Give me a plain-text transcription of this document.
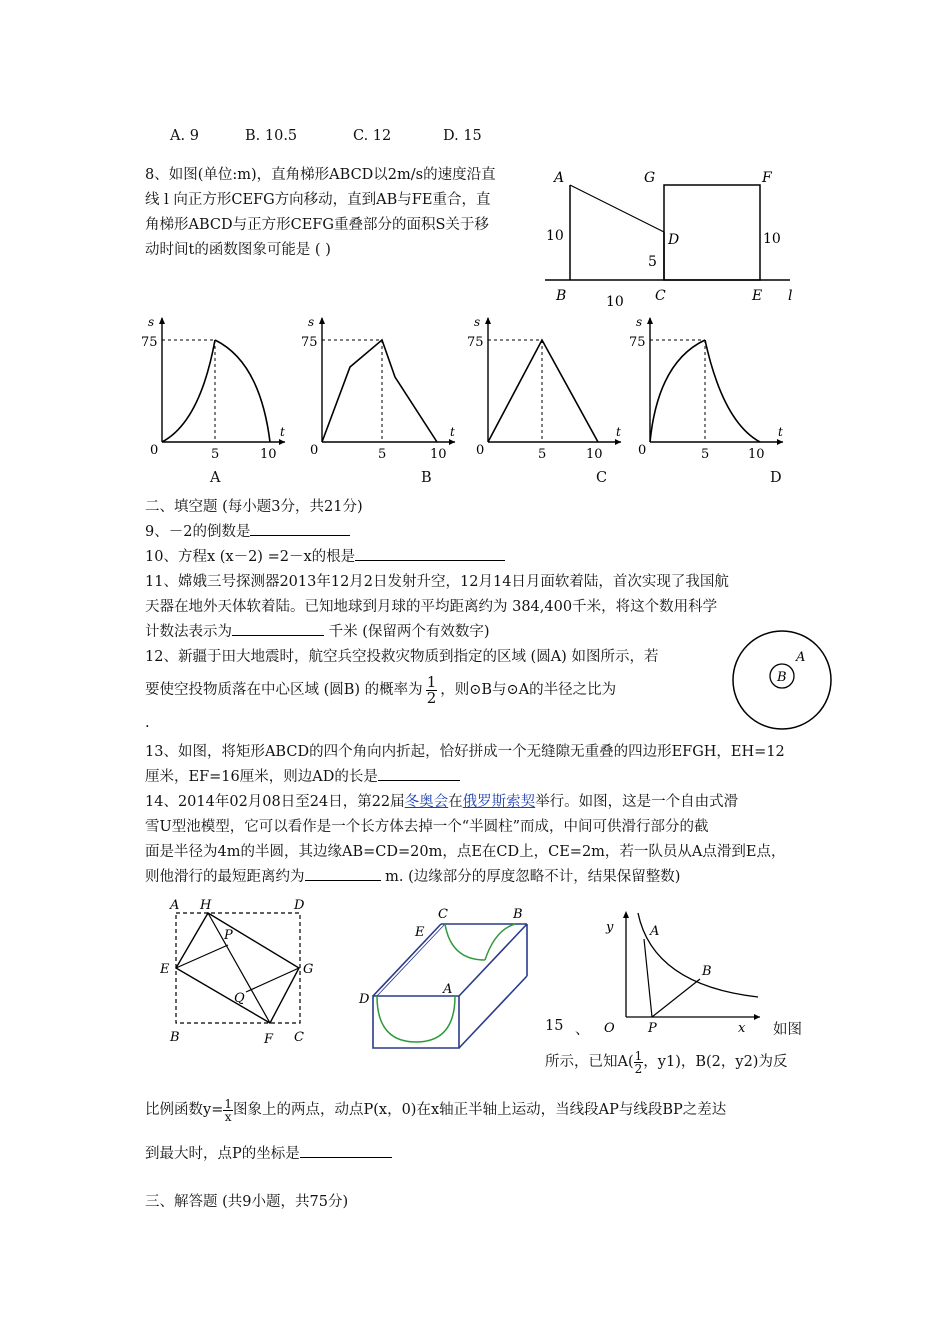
A. 9	B. 10.5	C. 12	D. 15
8、如图(单位:m)，直角梯形ABCD以2m/s的速度沿直
线 l 向正方形CEFG方向移动，直到AB与FE重合，直
角梯形ABCD与正方形CEFG重叠部分的面积S关于移
动时间t的函数图象可能是 ( )
A
B	C
D
E
F
G
l
10
10
5
10
s
75
0	5	10
t
s
75
0	5	10
t
s
75
0	5	10
t
s
75
0	5	10
t
A	B	C	D
二、填空题 (每小题3分，共21分)
9、－2的倒数是
10、方程x (x－2) =2－x的根是
11、嫦娥三号探测器2013年12月2日发射升空，12月14日月面软着陆，首次实现了我国航
天器在地外天体软着陆。已知地球到月球的平均距离约为 384,400千米，将这个数用科学
计数法表示为	千米 (保留两个有效数字)
12、新疆于田大地震时，航空兵空投救灾物质到指定的区域 (圆A) 如图所示，若
要使空投物质落在中心区域 (圆B) 的概率为 $\frac{1}{2}$ ，则⊙B与⊙A的半径之比为
.
B
A
13、如图，将矩形ABCD的四个角向内折起，恰好拼成一个无缝隙无重叠的四边形EFGH，EH=12
厘米，EF=16厘米，则边AD的长是
14、2014年02月08日至24日，第22届冬奥会在俄罗斯索契举行。如图，这是一个自由式滑
雪U型池模型，它可以看作是一个长方体去掉一个“半圆柱”而成，中间可供滑行部分的截
面是半径为4m的半圆，其边缘AB=CD=20m，点E在CD上，CE=2m，若一队员从A点滑到E点，
则他滑行的最短距离约为	m. (边缘部分的厚度忽略不计，结果保留整数)
A H	D
P
E	G
Q
B	F C
C	B
E
D
A
y	A
B
O	P	x
15 、	如图
所示，已知$A( \frac{1}{2}$ ，y1)，B(2，y2)为反
比例函数$y= \frac{1}{x}$ 图象上的两点，动点P(x，0)在x轴正半轴上运动，当线段AP与线段BP之差达
到最大时，点P的坐标是
三、解答题 (共9小题，共75分)
